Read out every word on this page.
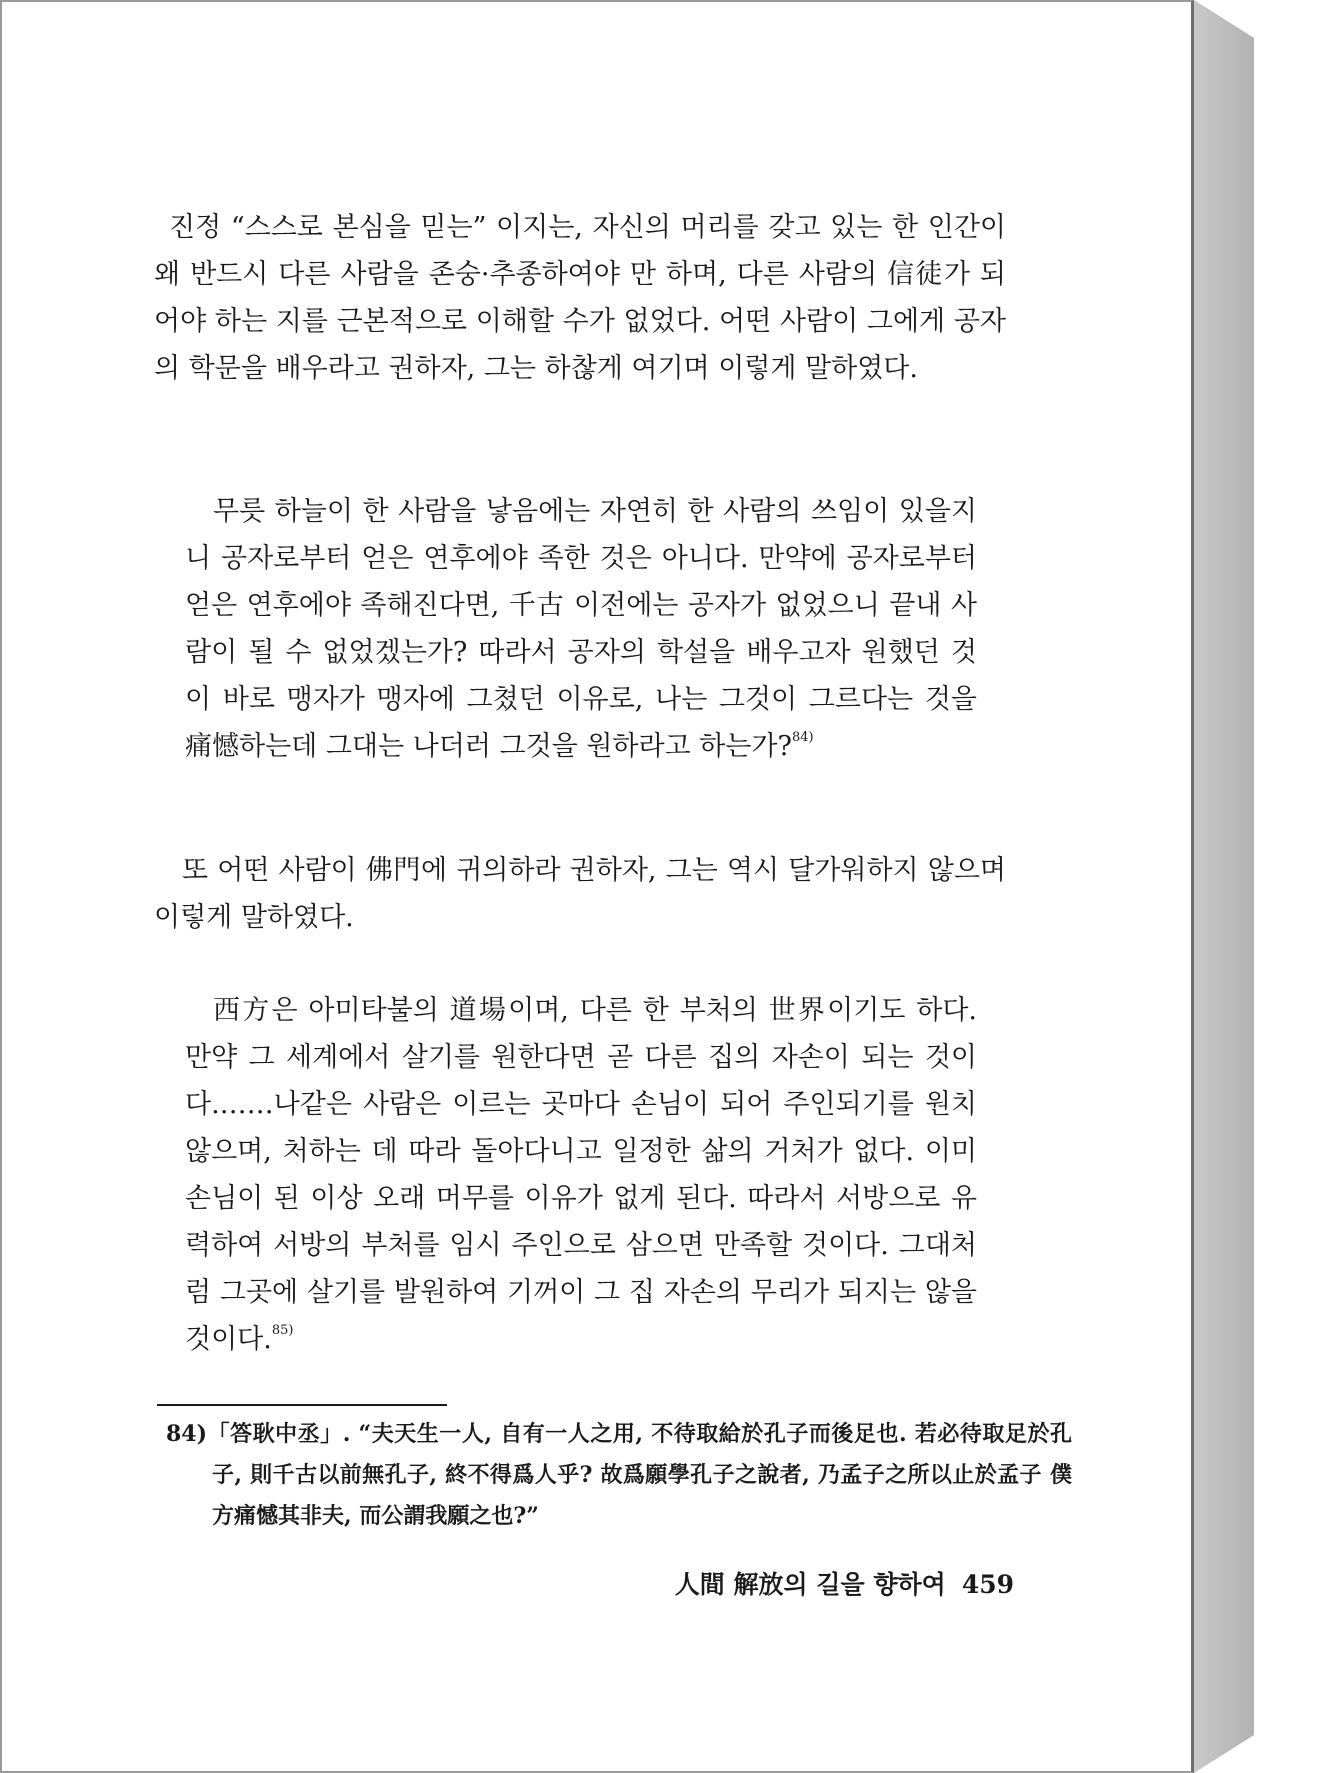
진정 “스스로 본심을 믿는” 이지는, 자신의 머리를 갖고 있는 한 인간이 왜 반드시 다른 사람을 존숭·추종하여야 만 하며, 다른 사람의 信徒가 되어야 하는 지를 근본적으로 이해할 수가 없었다. 어떤 사람이 그에게 공자의 학문을 배우라고 권하자, 그는 하찮게 여기며 이렇게 말하였다.

무릇 하늘이 한 사람을 낳음에는 자연히 한 사람의 쓰임이 있을지니 공자로부터 얻은 연후에야 족한 것은 아니다. 만약에 공자로부터 얻은 연후에야 족해진다면, 千古 이전에는 공자가 없었으니 끝내 사람이 될 수 없었겠는가? 따라서 공자의 학설을 배우고자 원했던 것이 바로 맹자가 맹자에 그쳤던 이유로, 나는 그것이 그르다는 것을 痛憾하는데 그대는 나더러 그것을 원하라고 하는가?$^{84)}$

또 어떤 사람이 佛門에 귀의하라 권하자, 그는 역시 달가워하지 않으며 이렇게 말하였다.

西方은 아미타불의 道場이며, 다른 한 부처의 世界이기도 하다. 만약 그 세계에서 살기를 원한다면 곧 다른 집의 자손이 되는 것이다.……나같은 사람은 이르는 곳마다 손님이 되어 주인되기를 원치 않으며, 처하는 데 따라 돌아다니고 일정한 삶의 거처가 없다. 이미 손님이 된 이상 오래 머무를 이유가 없게 된다. 따라서 서방으로 유력하여 서방의 부처를 임시 주인으로 삼으면 만족할 것이다. 그대처럼 그곳에 살기를 발원하여 기꺼이 그 집 자손의 무리가 되지는 않을 것이다.$^{85)}$

84)「答耿中丞」. “夫天生一人, 自有一人之用, 不待取給於孔子而後足也. 若必待取足於孔子, 則千古以前無孔子, 終不得爲人乎? 故爲願學孔子之說者, 乃孟子之所以止於孟子 僕方痛憾其非夫, 而公謂我願之也?”

人間 解放의 길을 향하여 459
